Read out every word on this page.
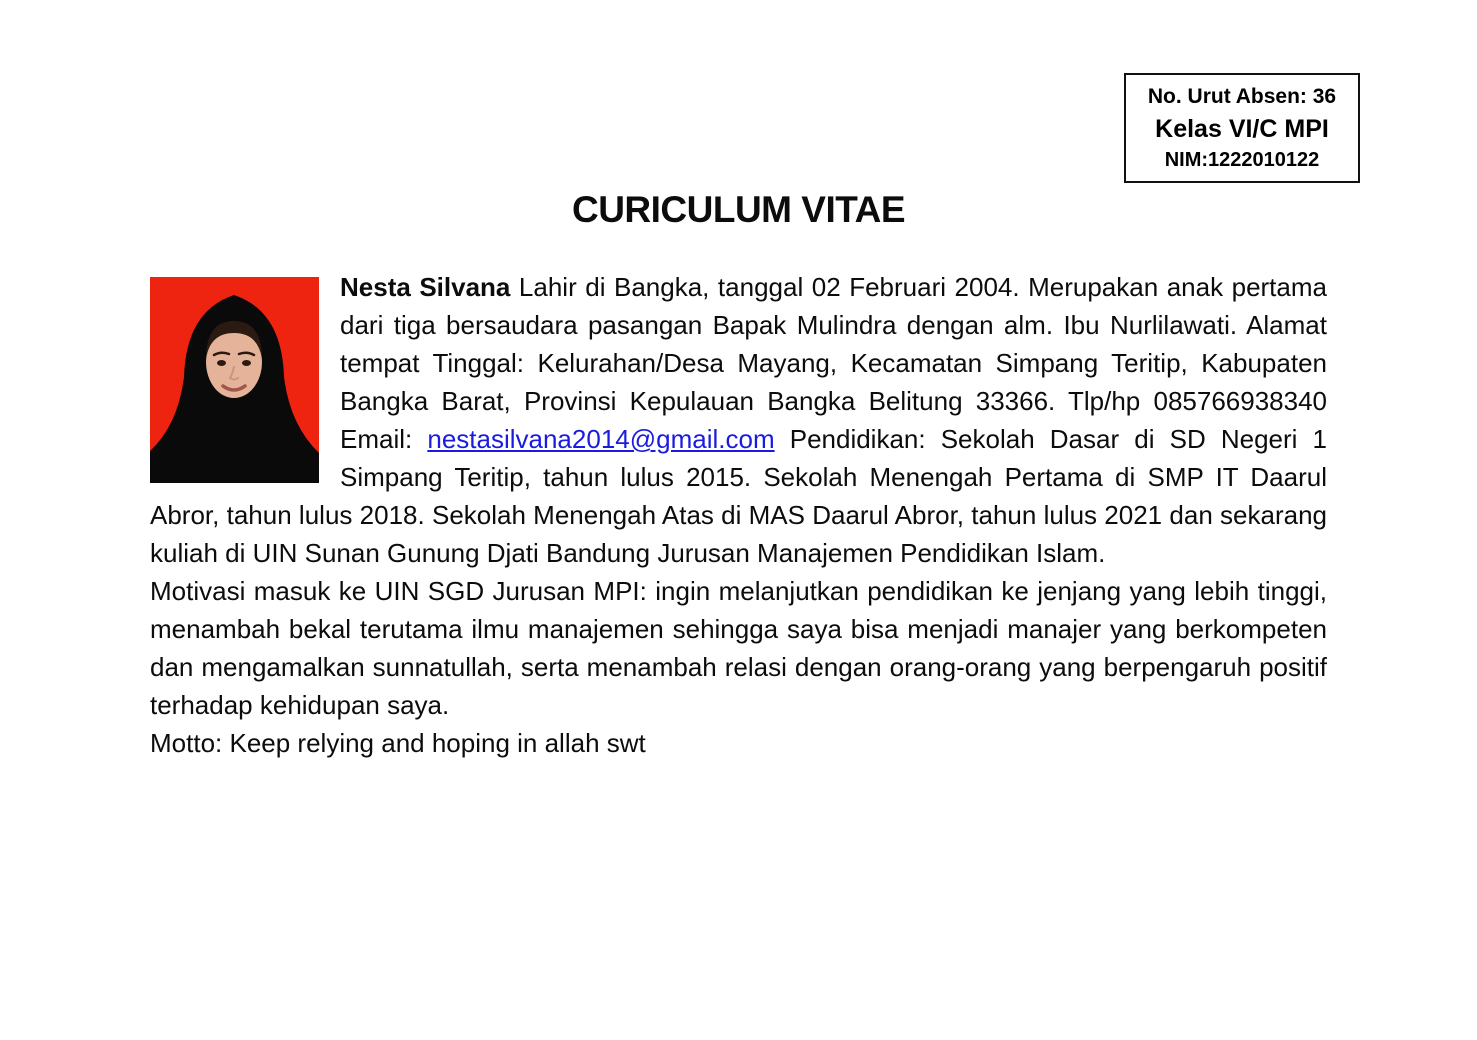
No. Urut Absen: 36
Kelas VI/C MPI
NIM:1222010122
CURICULUM VITAE

Nesta Silvana Lahir di Bangka, tanggal 02 Februari 2004. Merupakan anak pertama dari tiga bersaudara pasangan Bapak Mulindra dengan alm. Ibu Nurlilawati. Alamat tempat Tinggal: Kelurahan/Desa Mayang, Kecamatan Simpang Teritip, Kabupaten Bangka Barat, Provinsi Kepulauan Bangka Belitung 33366. Tlp/hp 085766938340 Email: nestasilvana2014@gmail.com Pendidikan: Sekolah Dasar di SD Negeri 1 Simpang Teritip, tahun lulus 2015. Sekolah Menengah Pertama di SMP IT Daarul Abror, tahun lulus 2018. Sekolah Menengah Atas di MAS Daarul Abror, tahun lulus 2021 dan sekarang kuliah di UIN Sunan Gunung Djati Bandung Jurusan Manajemen Pendidikan Islam.

Motivasi masuk ke UIN SGD Jurusan MPI: ingin melanjutkan pendidikan ke jenjang yang lebih tinggi, menambah bekal terutama ilmu manajemen sehingga saya bisa menjadi manajer yang berkompeten dan mengamalkan sunnatullah, serta menambah relasi dengan orang-orang yang berpengaruh positif terhadap kehidupan saya.

Motto: Keep relying and hoping in allah swt
